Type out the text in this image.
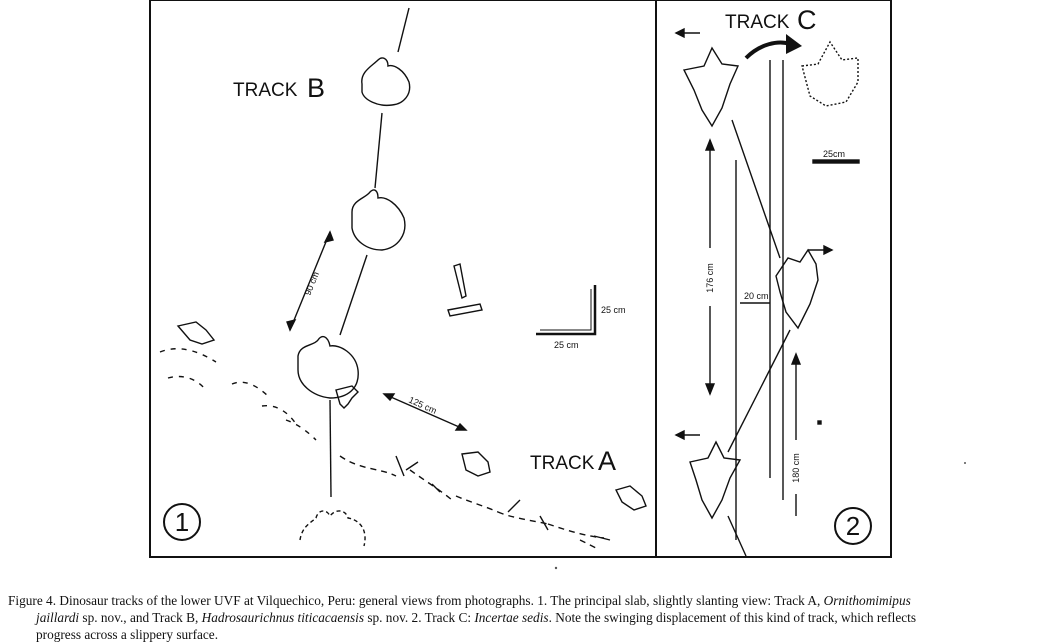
TRACK B
TRACK A
90 cm
125 cm
25 cm
25 cm
1
TRACK C
25cm
176 cm
20 cm
180 cm
2

Figure 4. Dinosaur tracks of the lower UVF at Vilquechico, Peru: general views from photographs. 1. The principal slab, slightly slanting view: Track A, Ornithomimipus

jaillardi sp. nov., and Track B, Hadrosaurichnus titicacaensis sp. nov. 2. Track C: Incertae sedis. Note the swinging displacement of this kind of track, which reflects

progress across a slippery surface.
